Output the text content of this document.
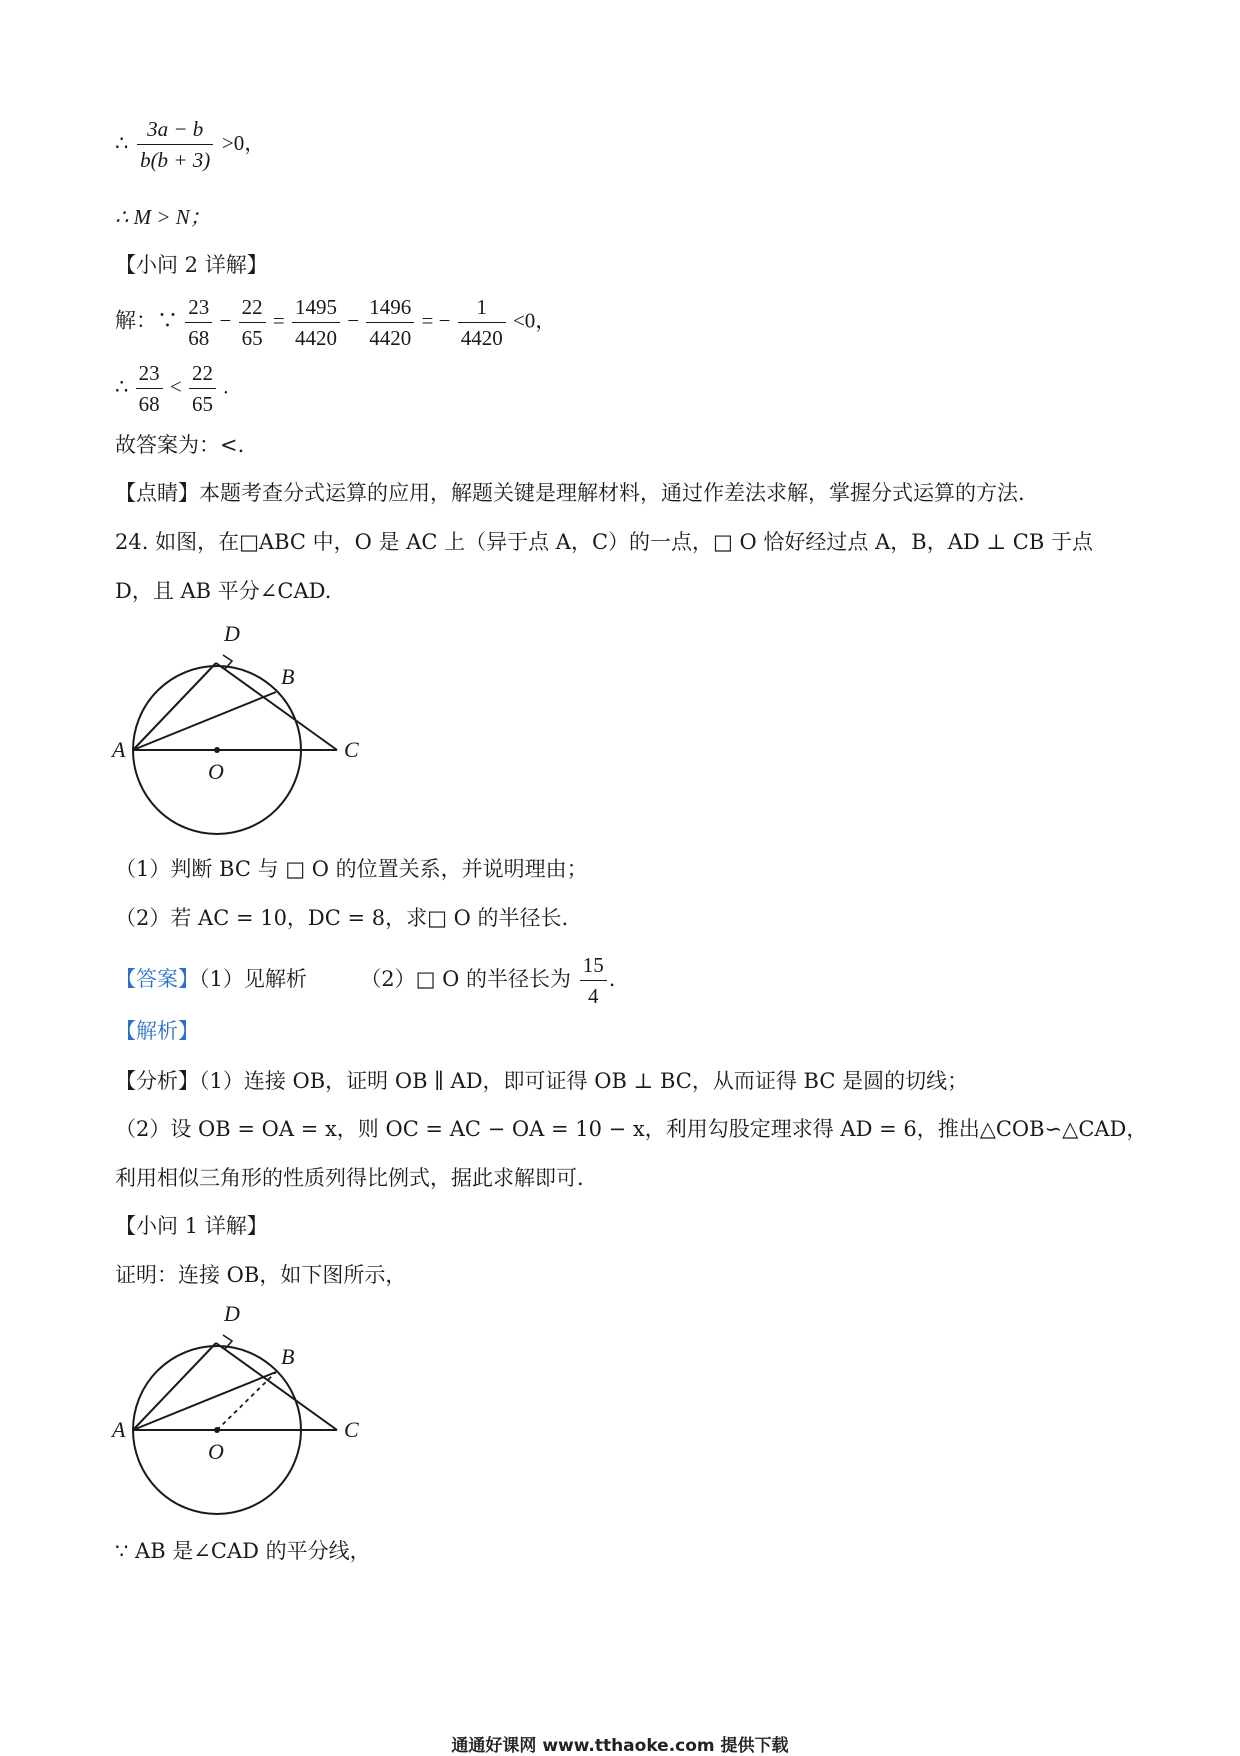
∴ $\frac{3a - b}{b(b + 3)} >0$，
∴ M > N；
【小问 2 详解】
解：∵ $\frac{23}{68} - \frac{22}{65} = \frac{1495}{4420} - \frac{1496}{4420}$ = − $\frac{1}{4420} <0$，
∴ $\frac{23}{68} < \frac{22}{65}$ .
故答案为：<.
【点睛】本题考查分式运算的应用，解题关键是理解材料，通过作差法求解，掌握分式运算的方法.
24. 如图，在□ABC 中，O 是 AC 上（异于点 A，C）的一点，□ O 恰好经过点 A，B，AD ⊥ CB 于点
D，且 AB 平分∠CAD.
D
B
A	C
O
（1）判断 BC 与 □ O 的位置关系，并说明理由；
（2）若 AC = 10，DC = 8，求□ O 的半径长.
【答案】（1）见解析	（2）□ O 的半径长为 $\frac{15}{4}$ .
【解析】
【分析】（1）连接 OB，证明 OB ∥ AD，即可证得 OB ⊥ BC，从而证得 BC 是圆的切线；
（2）设 OB = OA = x，则 OC = AC − OA = 10 − x，利用勾股定理求得 AD = 6，推出△COB∽△CAD，
利用相似三角形的性质列得比例式，据此求解即可.
【小问 1 详解】
证明：连接 OB，如下图所示，
D
B
A	C
O
∵ AB 是∠CAD 的平分线，
通通好课网 www.tthaoke.com 提供下载
